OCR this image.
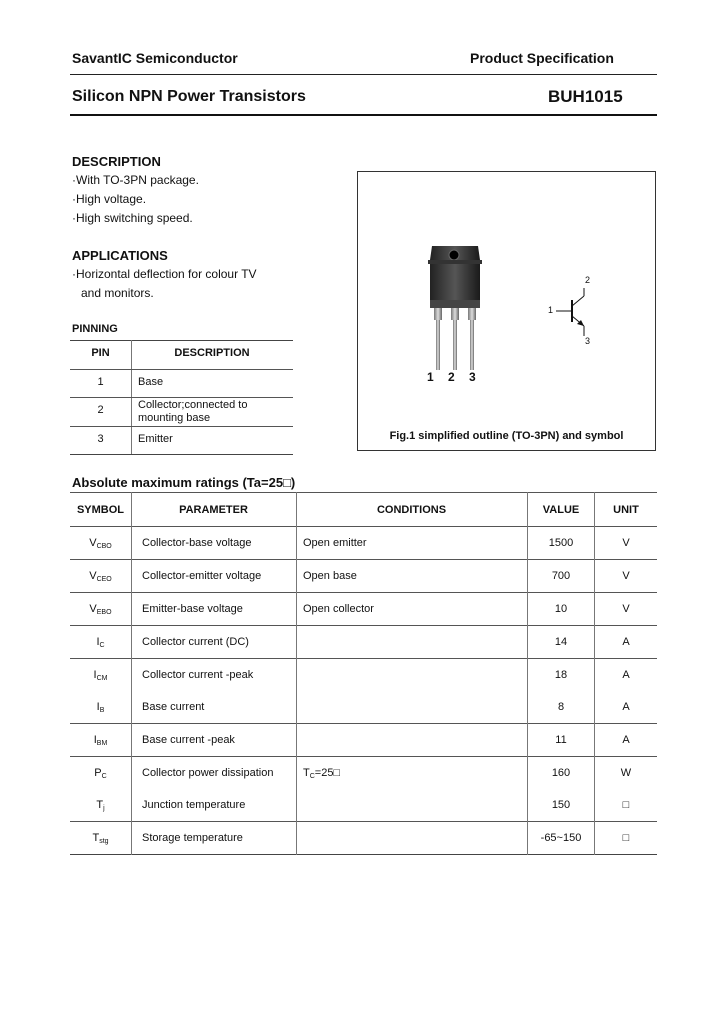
SavantIC Semiconductor	Product Specification
Silicon NPN Power Transistors	BUH1015
DESCRIPTION
·With TO-3PN package.
·High voltage.
·High switching speed.
APPLICATIONS
·Horizontal deflection for colour TV
and monitors.
PINNING
PIN	DESCRIPTION
1	Base
2	Collector;connected to
mounting base
3	Emitter
1 2 3
1
2
3
Fig.1 simplified outline (TO-3PN) and symbol
Absolute maximum ratings (Ta=25□)
SYMBOL	PARAMETER	CONDITIONS	VALUE	UNIT
$V_{CBO}$	Collector-base voltage	Open emitter	1500	V
$V_{CEO}$	Collector-emitter voltage	Open base	700	V
$V_{EBO}$	Emitter-base voltage	Open collector	10	V
$I_C$	Collector current (DC)		14	A
$I_{CM}$	Collector current -peak		18	A
$I_B$	Base current		8	A
$I_{BM}$	Base current -peak		11	A
$P_C$	Collector power dissipation	$T_C=25□$	160	W
$T_j$	Junction temperature		150	□
$T_{stg}$	Storage temperature		-65~150	□
